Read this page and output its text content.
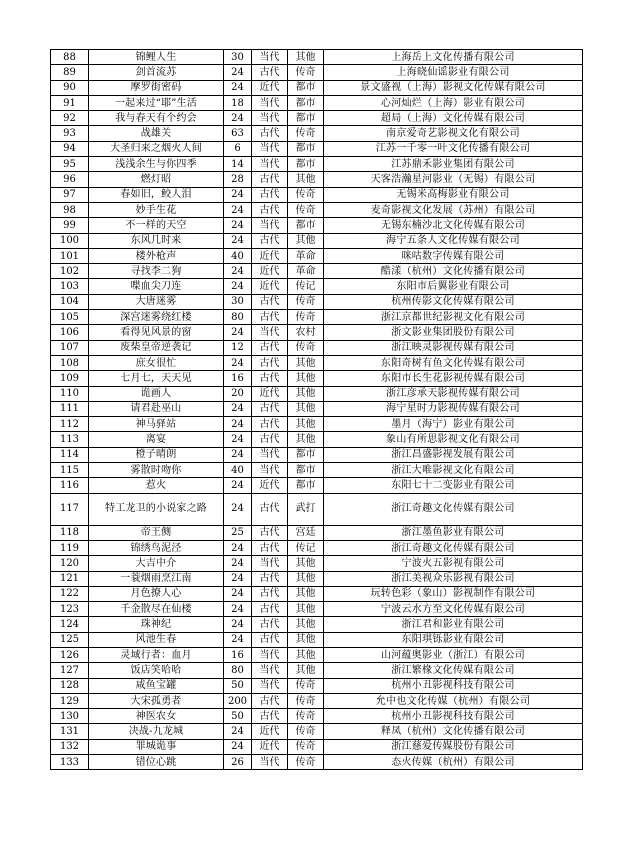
88	锦鲤人生	30	当代	其他	上海岳上文化传播有限公司
89	剑首流苏	24	古代	传奇	上海晓仙谣影业有限公司
90	摩罗街密码	24	近代	都市	景文盛视（上海）影视文化传媒有限公司
91	一起来过“耶”生活	18	当代	都市	心河灿烂（上海）影业有限公司
92	我与春天有个约会	24	当代	都市	超局（上海）文化传媒有限公司
93	战雄关	63	古代	传奇	南京爱奇艺影视文化有限公司
94	大圣归来之烟火人间	6	当代	都市	江苏一千零一叶文化传播有限公司
95	浅浅余生与你四季	14	当代	都市	江苏鼎禾影业集团有限公司
96	燃灯昭	28	古代	其他	天客浩瀚星河影业（无锡）有限公司
97	春如旧，鲛人泪	24	古代	传奇	无锡米高梅影业有限公司
98	妙手生花	24	古代	传奇	麦奇影视文化发展（苏州）有限公司
99	不一样的天空	24	当代	都市	无锡东楠沙北文化传媒有限公司
100	东风几时来	24	古代	其他	海宁五条人文化传媒有限公司
101	楼外枪声	40	近代	革命	咪咕数字传媒有限公司
102	寻找李二狗	24	近代	革命	酷漾（杭州）文化传播有限公司
103	喋血尖刀连	24	近代	传记	东阳市后翼影业有限公司
104	大唐迷雾	30	古代	传奇	杭州传影文化传媒有限公司
105	深宫迷雾绕红楼	80	古代	传奇	浙江京都世纪影视文化有限公司
106	看得见风景的窗	24	当代	农村	浙文影业集团股份有限公司
107	废柴皇帝逆袭记	12	古代	传奇	浙江映灵影视传媒有限公司
108	庶女很忙	24	古代	其他	东阳奇树有鱼文化传媒有限公司
109	七月七，天天见	16	古代	其他	东阳市长生花影视传媒有限公司
110	诡画人	20	近代	其他	浙江彦承天影视传媒有限公司
111	请君赴巫山	24	古代	其他	海宁星时力影视传媒有限公司
112	神马驿站	24	古代	其他	墨月（海宁）影业有限公司
113	离宴	24	古代	其他	象山有所思影视文化有限公司
114	橙子晴朗	24	当代	都市	浙江昌盛影视发展有限公司
115	雾散时吻你	40	当代	都市	浙江大唯影视文化有限公司
116	惹火	24	近代	都市	东阳七十二变影业有限公司
117	特工龙卫的小说家之路	24	古代	武打	浙江奇趣文化传媒有限公司
118	帝王侧	25	古代	宫廷	浙江墨鱼影业有限公司
119	锦绣鸟泥泾	24	古代	传记	浙江奇趣文化传媒有限公司
120	大吉中介	24	当代	其他	宁波火五影视有限公司
121	一蓑烟雨烹江南	24	古代	其他	浙江美视众乐影视有限公司
122	月色撩人心	24	古代	其他	玩转色彩（象山）影视制作有限公司
123	千金散尽在仙楼	24	古代	其他	宁波云水方至文化传媒有限公司
124	珠神纪	24	古代	其他	浙江君和影业有限公司
125	风池生春	24	古代	其他	东阳琪铄影业有限公司
126	灵域行者：血月	16	当代	其他	山河蕴奥影业（浙江）有限公司
127	饭店笑哈哈	80	当代	其他	浙江繁椽文化传媒有限公司
128	咸鱼宝罐	50	当代	传奇	杭州小丑影视科技有限公司
129	大宋孤勇者	200	古代	传奇	允中也文化传媒（杭州）有限公司
130	神医农女	50	古代	传奇	杭州小丑影视科技有限公司
131	决战-九龙城	24	近代	传奇	释凤（杭州）文化传播有限公司
132	罪城诡事	24	近代	传奇	浙江慈爱传媒股份有限公司
133	错位心跳	26	当代	传奇	态火传媒（杭州）有限公司
